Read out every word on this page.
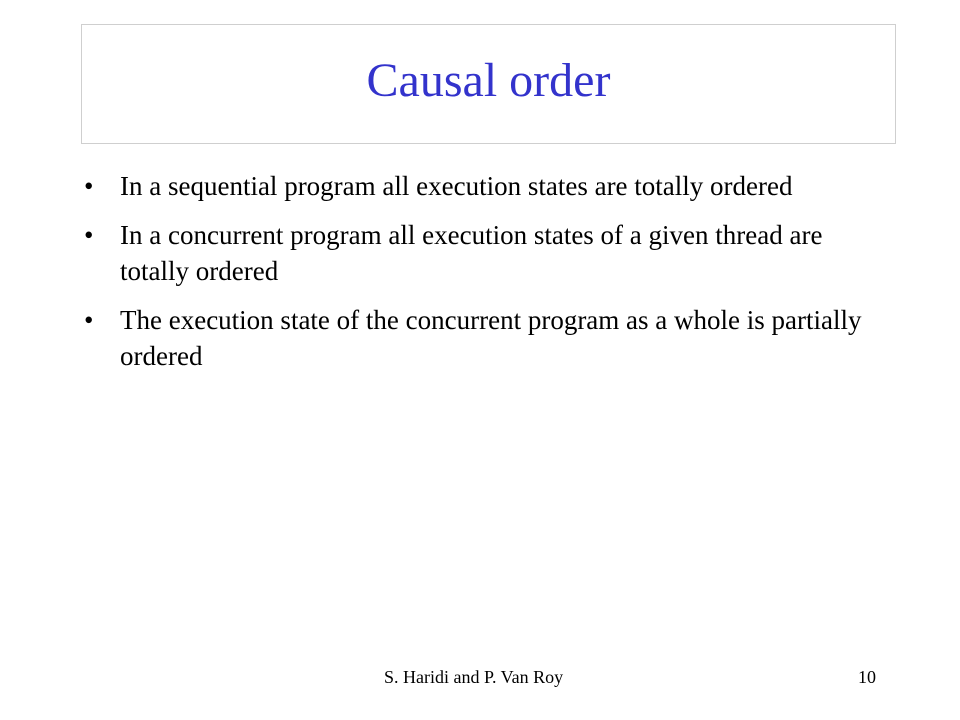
Causal order
• In a sequential program all execution states are totally ordered
• In a concurrent program all execution states of a given thread are totally ordered
• The execution state of the concurrent program as a whole is partially ordered
S. Haridi and P. Van Roy	10
